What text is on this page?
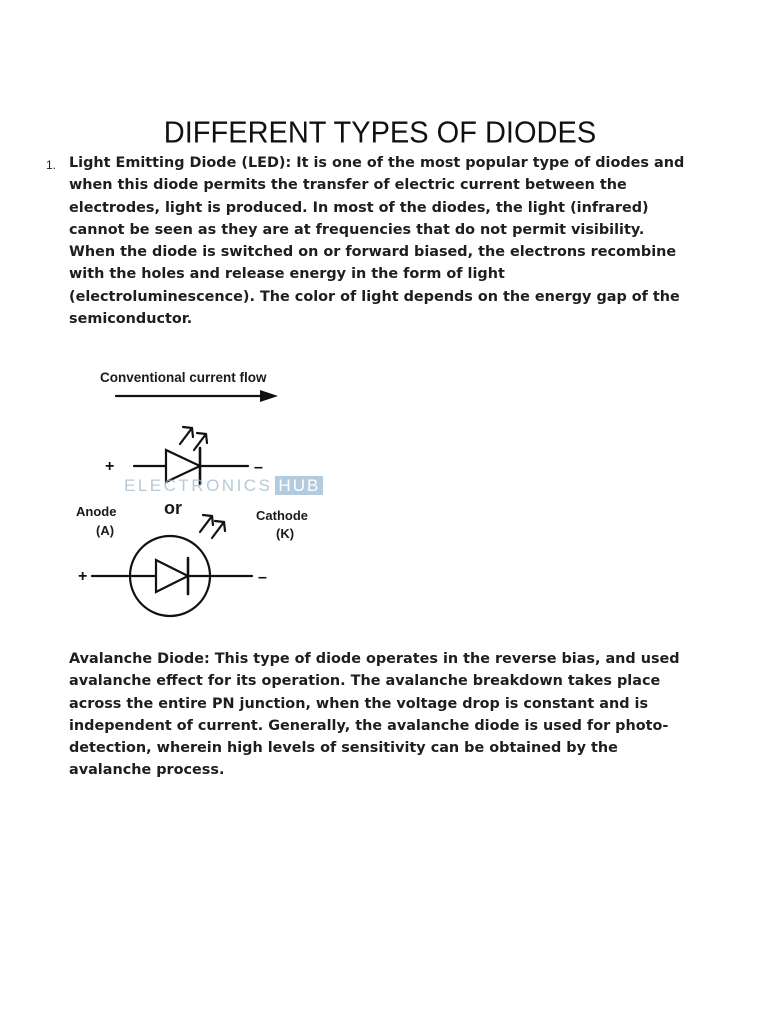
DIFFERENT TYPES OF DIODES
1. Light Emitting Diode (LED): It is one of the most popular type of diodes and
when this diode permits the transfer of electric current between the
electrodes, light is produced. In most of the diodes, the light (infrared)
cannot be seen as they are at frequencies that do not permit visibility.
When the diode is switched on or forward biased, the electrons recombine
with the holes and release energy in the form of light
(electroluminescence). The color of light depends on the energy gap of the
semiconductor.

+	–
+	–
Conventional current flow
ELECTRONICS HUB
Anode
(A)
or	Cathode
(K)

Avalanche Diode: This type of diode operates in the reverse bias, and used
avalanche effect for its operation. The avalanche breakdown takes place
across the entire PN junction, when the voltage drop is constant and is
independent of current. Generally, the avalanche diode is used for photo-
detection, wherein high levels of sensitivity can be obtained by the
avalanche process.
